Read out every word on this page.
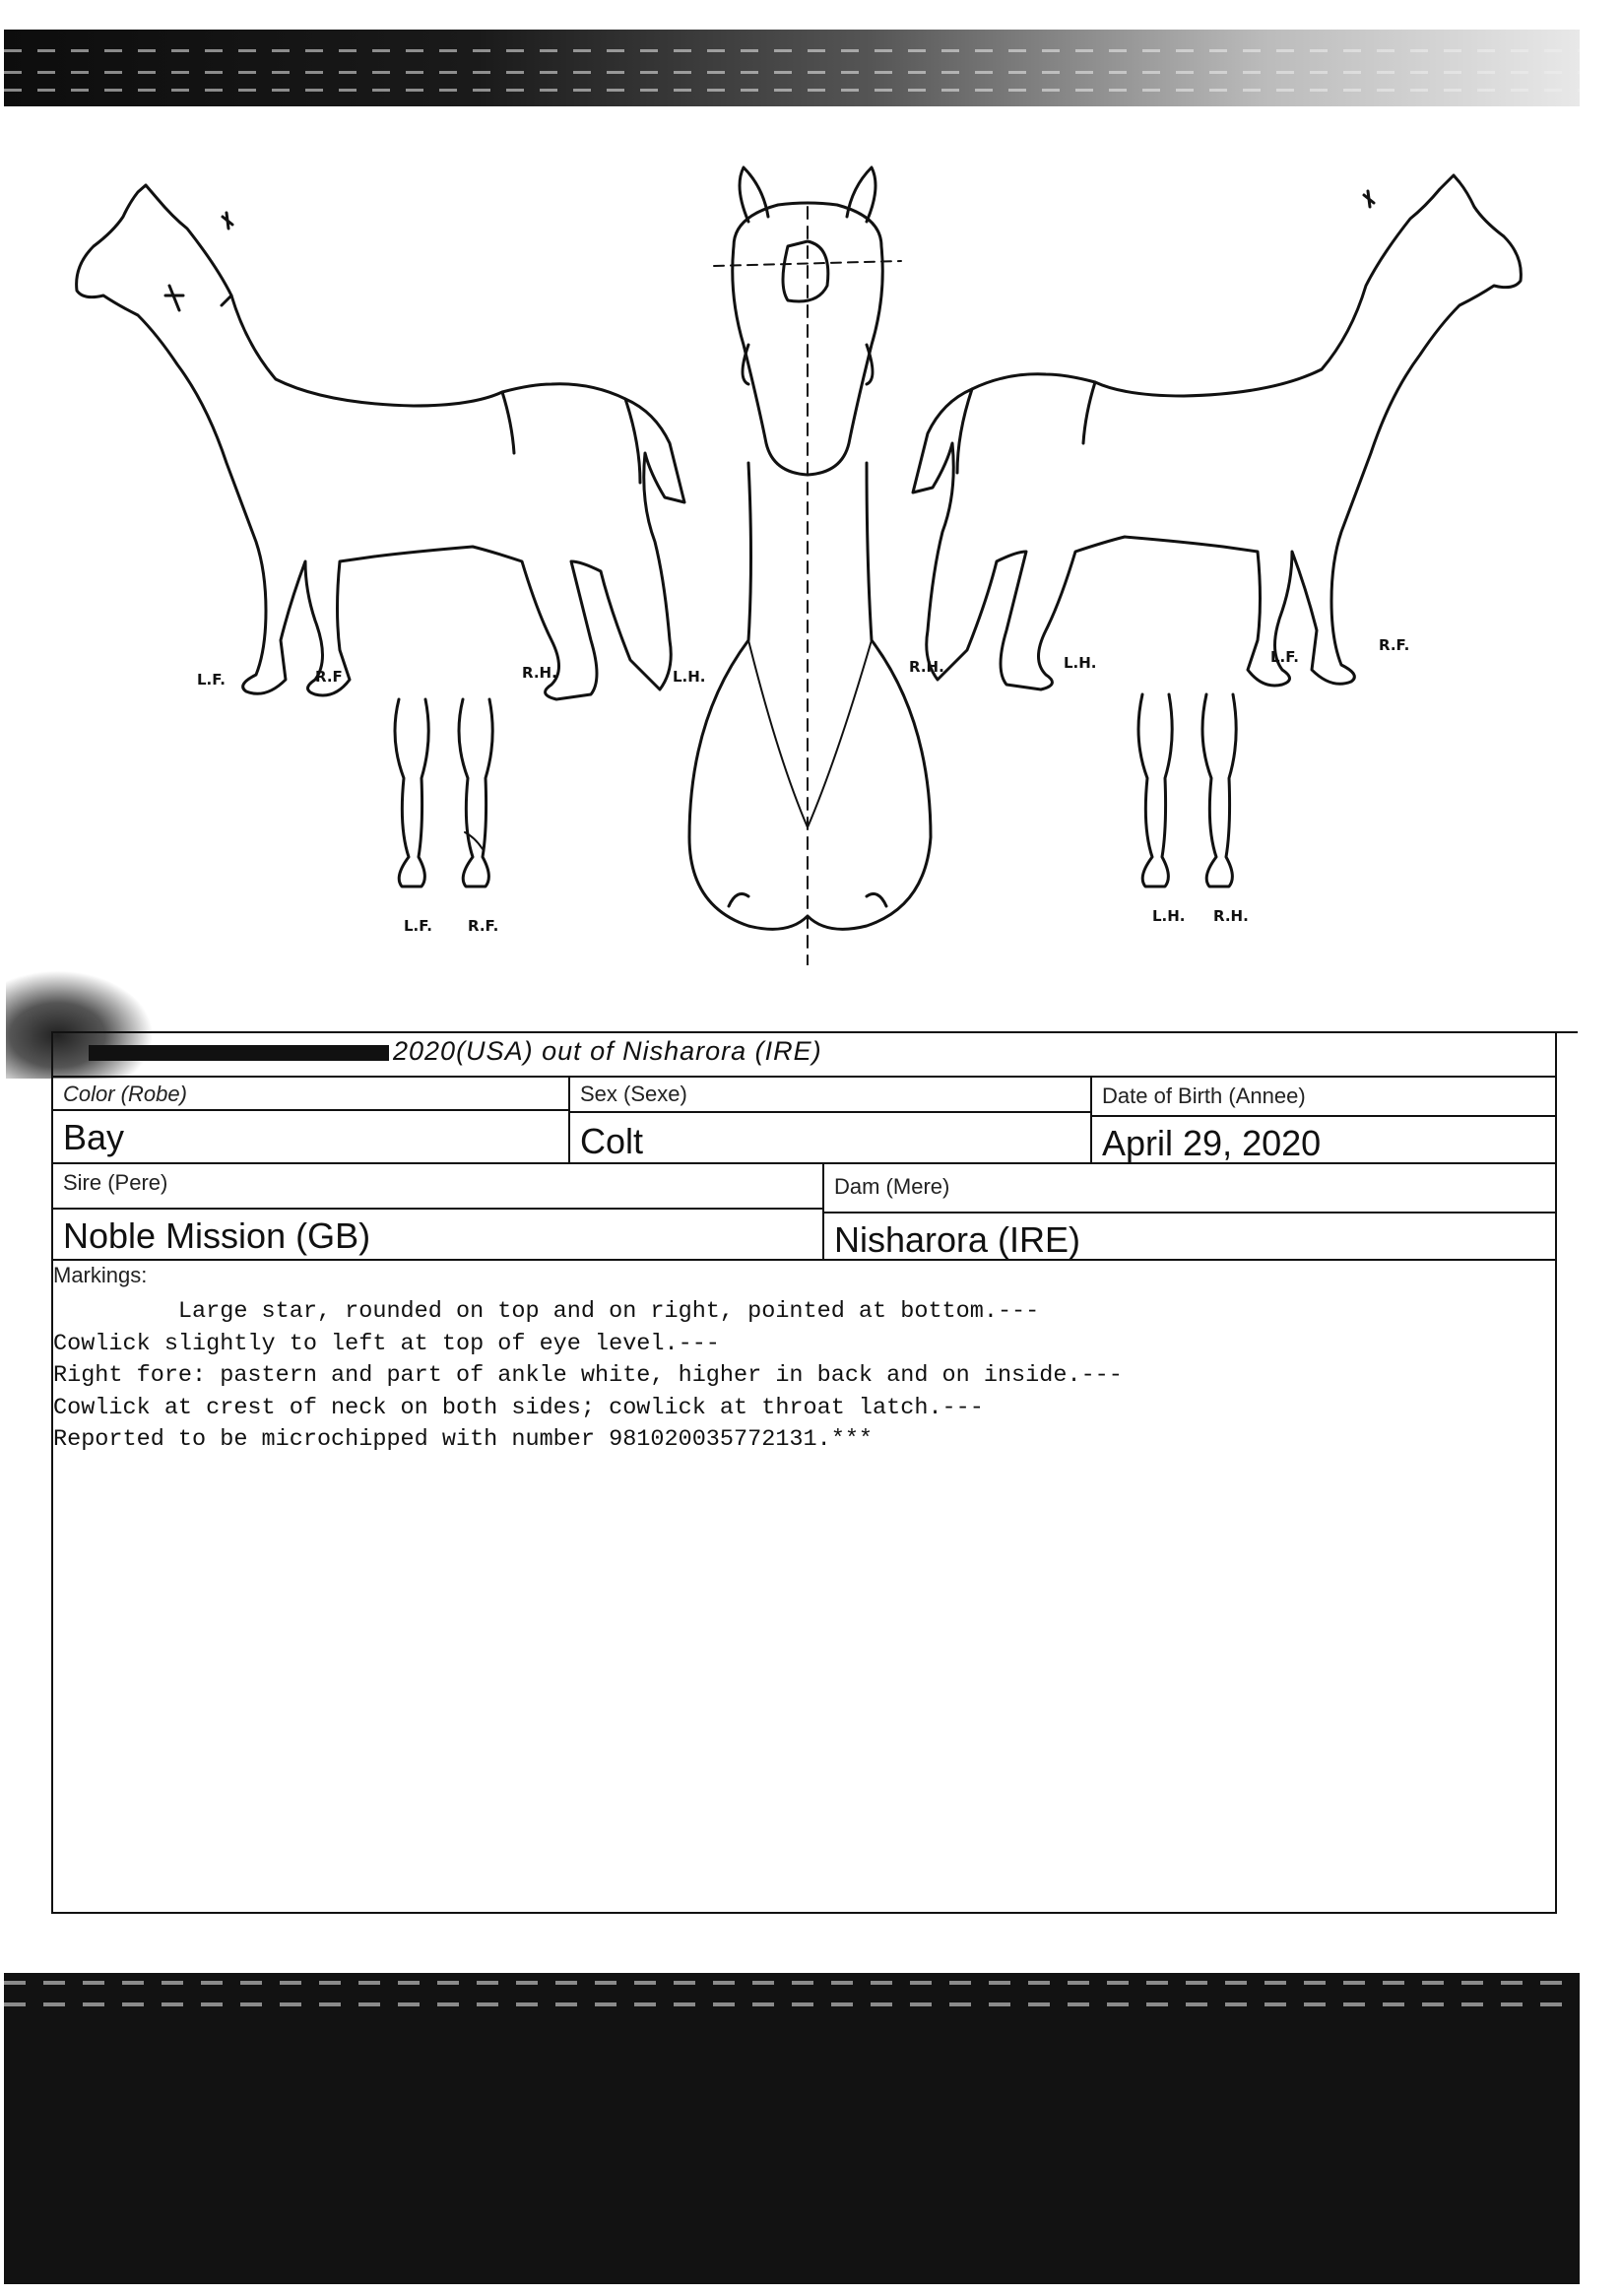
L.F.	R.F	R.H.	L.H.
R.H.	L.H.	L.F.
R.F.
L.F. R.F.
L.H. R.H.
2020(USA) out of Nisharora (IRE)
Color (Robe)
Bay
Sex (Sexe)
Colt
Date of Birth (Annee)
April 29, 2020
Sire (Pere)
Noble Mission (GB)
Dam (Mere)
Nisharora (IRE)
Markings:
Large star, rounded on top and on right, pointed at bottom.---
Cowlick slightly to left at top of eye level.---
Right fore: pastern and part of ankle white, higher in back and on inside.---
Cowlick at crest of neck on both sides; cowlick at throat latch.---
Reported to be microchipped with number 981020035772131.***
